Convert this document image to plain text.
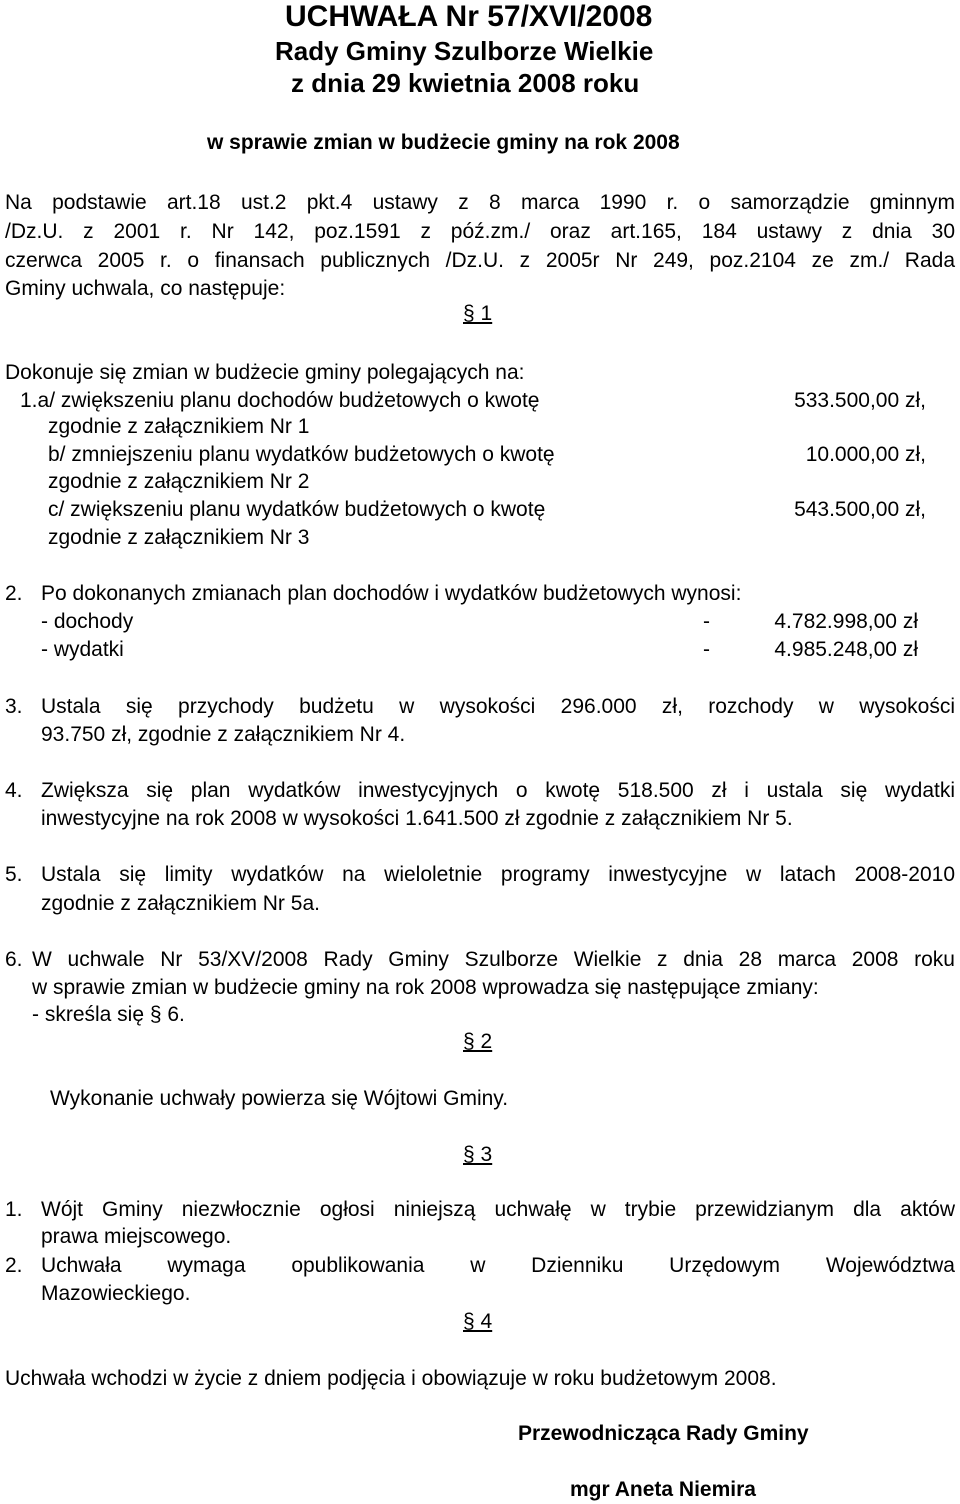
UCHWAŁA Nr 57/XVI/2008
Rady Gminy Szulborze Wielkie
z dnia 29 kwietnia 2008 roku
w sprawie zmian w budżecie gminy na rok 2008
Na podstawie art.18 ust.2 pkt.4 ustawy z 8 marca 1990 r. o samorządzie gminnym
/Dz.U. z 2001 r. Nr 142, poz.1591 z póź.zm./ oraz art.165, 184 ustawy z dnia 30
czerwca 2005 r. o finansach publicznych /Dz.U. z 2005r Nr 249, poz.2104 ze zm./ Rada
Gminy uchwala, co następuje:
§ 1
Dokonuje się zmian w budżecie gminy polegających na:
1.a/ zwiększeniu planu dochodów budżetowych o kwotę	533.500,00 zł,
zgodnie z załącznikiem Nr 1
b/ zmniejszeniu planu wydatków budżetowych o kwotę	10.000,00 zł,
zgodnie z załącznikiem Nr 2
c/ zwiększeniu planu wydatków budżetowych o kwotę	543.500,00 zł,
zgodnie z załącznikiem Nr 3
2. Po dokonanych zmianach plan dochodów i wydatków budżetowych wynosi:
- dochody	-	4.782.998,00 zł
- wydatki	-	4.985.248,00 zł
3. Ustala się przychody budżetu w wysokości 296.000 zł, rozchody w wysokości
93.750 zł, zgodnie z załącznikiem Nr 4.
4. Zwiększa się plan wydatków inwestycyjnych o kwotę 518.500 zł i ustala się wydatki
inwestycyjne na rok 2008 w wysokości 1.641.500 zł zgodnie z załącznikiem Nr 5.
5. Ustala się limity wydatków na wieloletnie programy inwestycyjne w latach 2008-2010
zgodnie z załącznikiem Nr 5a.
6. W uchwale Nr 53/XV/2008 Rady Gminy Szulborze Wielkie z dnia 28 marca 2008 roku
w sprawie zmian w budżecie gminy na rok 2008 wprowadza się następujące zmiany:
- skreśla się § 6.
§ 2
Wykonanie uchwały powierza się Wójtowi Gminy.
§ 3
1. Wójt Gminy niezwłocznie ogłosi niniejszą uchwałę w trybie przewidzianym dla aktów
prawa miejscowego.
2. Uchwała wymaga opublikowania w Dzienniku Urzędowym Województwa
Mazowieckiego.
§ 4
Uchwała wchodzi w życie z dniem podjęcia i obowiązuje w roku budżetowym 2008.
Przewodnicząca Rady Gminy
mgr Aneta Niemira
